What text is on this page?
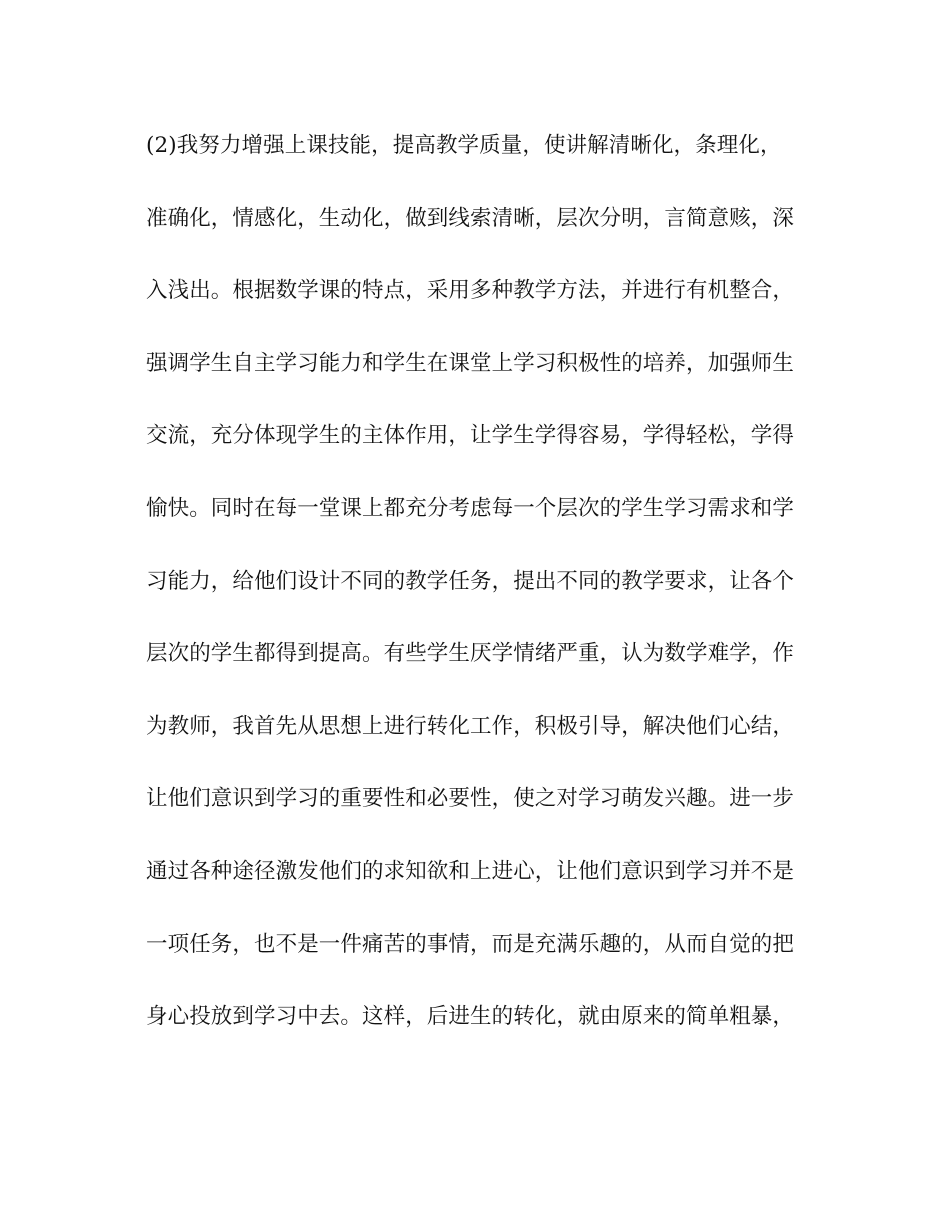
(2)我努力增强上课技能，提高教学质量，使讲解清晰化，条理化，
准确化，情感化，生动化，做到线索清晰，层次分明，言简意赅，深
入浅出。根据数学课的特点，采用多种教学方法，并进行有机整合，
强调学生自主学习能力和学生在课堂上学习积极性的培养，加强师生
交流，充分体现学生的主体作用，让学生学得容易，学得轻松，学得
愉快。同时在每一堂课上都充分考虑每一个层次的学生学习需求和学
习能力，给他们设计不同的教学任务，提出不同的教学要求，让各个
层次的学生都得到提高。有些学生厌学情绪严重，认为数学难学，作
为教师，我首先从思想上进行转化工作，积极引导，解决他们心结，
让他们意识到学习的重要性和必要性，使之对学习萌发兴趣。进一步
通过各种途径激发他们的求知欲和上进心，让他们意识到学习并不是
一项任务，也不是一件痛苦的事情，而是充满乐趣的，从而自觉的把
身心投放到学习中去。这样，后进生的转化，就由原来的简单粗暴，
